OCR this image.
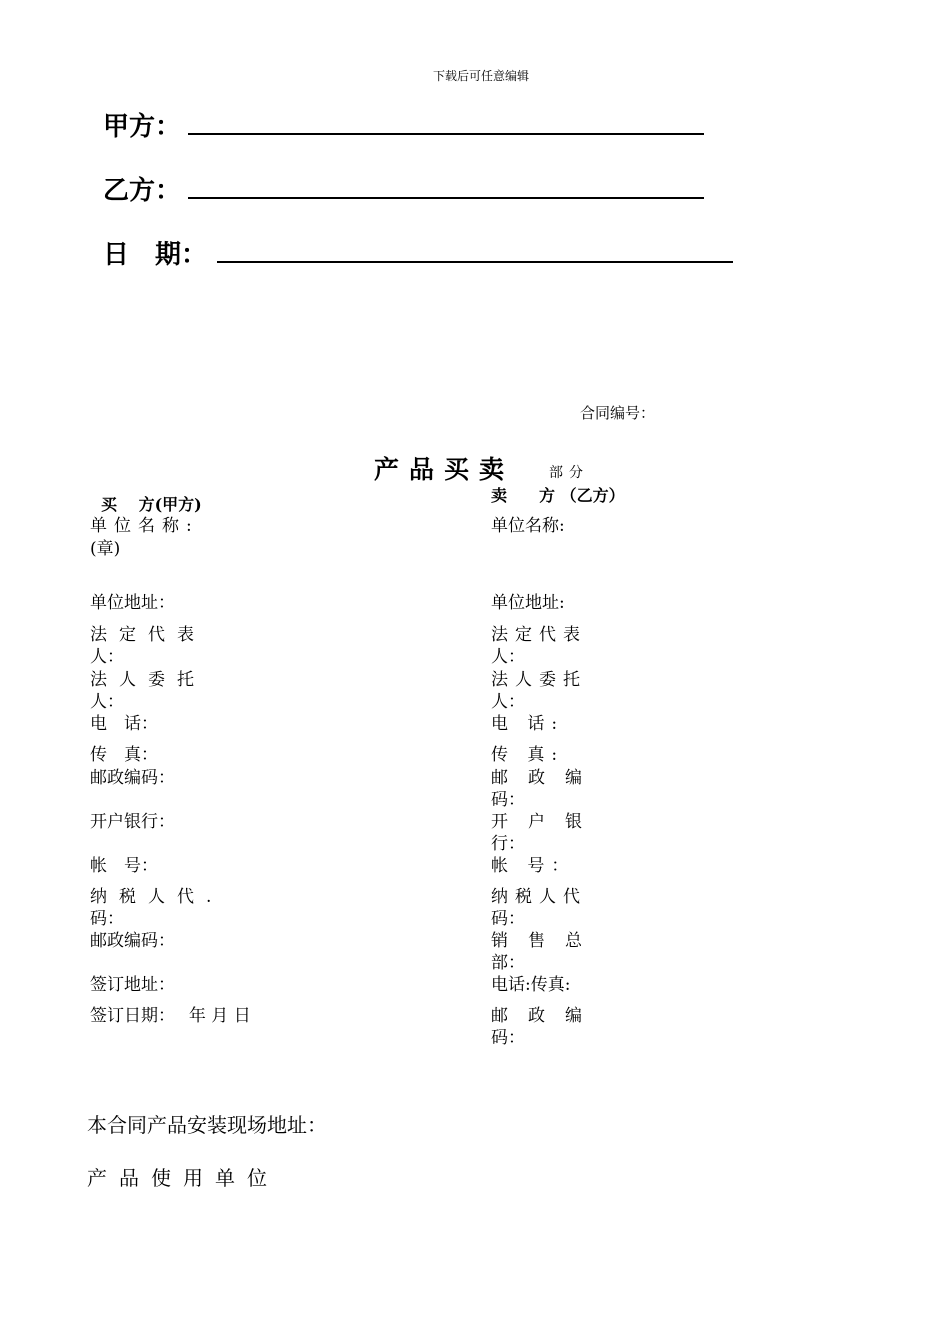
下载后可任意编辑
甲方：
乙方：
日　期：
合同编号：
产品买卖 部分
买　 方(甲方)
单位名称:
(章)
单位地址：
法定代表
人：
法人委托
人：
电　话：
传　真：
邮政编码：
开户银行：
帐　号：
纳税人代.
码：
邮政编码：
签订地址：
签订日期：　 年 月 日
卖　　方 （乙方）
单位名称:
单位地址:
法定代表
人：
法人委托
人：
电 话:
传 真:
邮政编
码：
开户银
行：
帐 号：
纳税人代
码：
销售总
部：
电话:传真:
邮政编
码：
本合同产品安装现场地址：
产品使用单位
